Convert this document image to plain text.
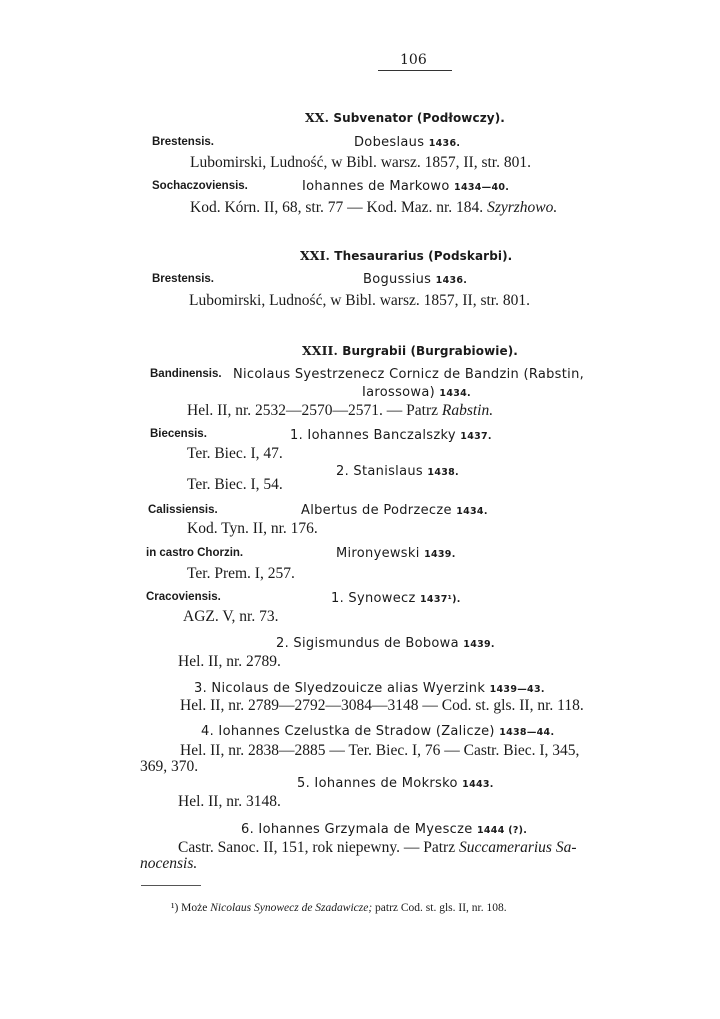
106
XX. Subvenator (Podłowczy).
Brestensis.	Dobeslaus 1436.
Lubomirski, Ludność, w Bibl. warsz. 1857, II, str. 801.
Sochaczoviensis.	Iohannes de Markowo 1434—40.
Kod. Kórn. II, 68, str. 77 — Kod. Maz. nr. 184. Szyrzhowo.
XXI. Thesaurarius (Podskarbi).
Brestensis.	Bogussius 1436.
Lubomirski, Ludność, w Bibl. warsz. 1857, II, str. 801.
XXII. Burgrabii (Burgrabiowie).
Bandinensis. Nicolaus Syestrzenecz Cornicz de Bandzin (Rabstin,
Iarossowa) 1434.
Hel. II, nr. 2532—2570—2571. — Patrz Rabstin.
Biecensis.	1. Iohannes Banczalszky 1437.
Ter. Biec. I, 47.
2. Stanislaus 1438.
Ter. Biec. I, 54.
Calissiensis.	Albertus de Podrzecze 1434.
Kod. Tyn. II, nr. 176.
in castro Chorzin.	Mironyewski 1439.
Ter. Prem. I, 257.
Cracoviensis.	1. Synowecz 1437¹).
AGZ. V, nr. 73.
2. Sigismundus de Bobowa 1439.
Hel. II, nr. 2789.
3. Nicolaus de Slyedzouicze alias Wyerzink 1439—43.
Hel. II, nr. 2789—2792—3084—3148 — Cod. st. gls. II, nr. 118.
4. Iohannes Czelustka de Stradow (Zalicze) 1438—44.
Hel. II, nr. 2838—2885 — Ter. Biec. I, 76 — Castr. Biec. I, 345,
369, 370.
5. Iohannes de Mokrsko 1443.
Hel. II, nr. 3148.
6. Iohannes Grzymala de Myescze 1444 (?).
Castr. Sanoc. II, 151, rok niepewny. — Patrz Succamerarius Sa-
nocensis.
¹) Może Nicolaus Synowecz de Szadawicze; patrz Cod. st. gls. II, nr. 108.
